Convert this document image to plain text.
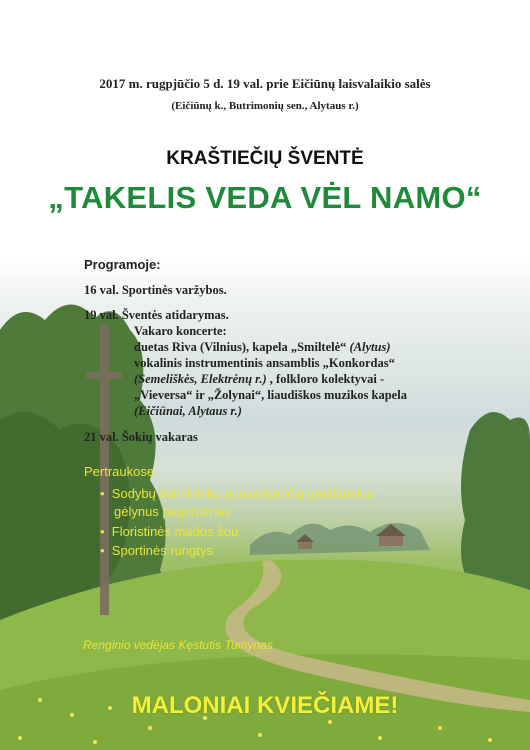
2017 m. rugpjūčio 5 d. 19 val. prie Eičiūnų laisvalaikio salės
(Eičiūnų k., Butrimonių sen., Alytaus r.)
KRAŠTIEČIŲ ŠVENTĖ
„TAKELIS VEDA VĖL NAMO“
Programoje:
16 val. Sportinės varžybos.
19 val. Šventės atidarymas.
Vakaro koncerte:
duetas Riva (Vilnius), kapela „Smiltelė“ (Alytus)
vokalinis instrumentinis ansamblis „Konkordas“
(Semeliškės, Elektrėnų r.) , folkloro kolektyvai -
„Vieversa“ ir „Žolynai“, liaudiškos muzikos kapela
(Eičiūnai, Alytaus r.)
21 val. Šokių vakaras
Pertraukose:
• Sodybų šeimininkų puoselėjančių gražiausius
gėlynus pagerbimas
• Floristinės mados šou
• Sportinės rungtys
Renginio vedėjas Kęstutis Tumynas
MALONIAI KVIEČIAME!
